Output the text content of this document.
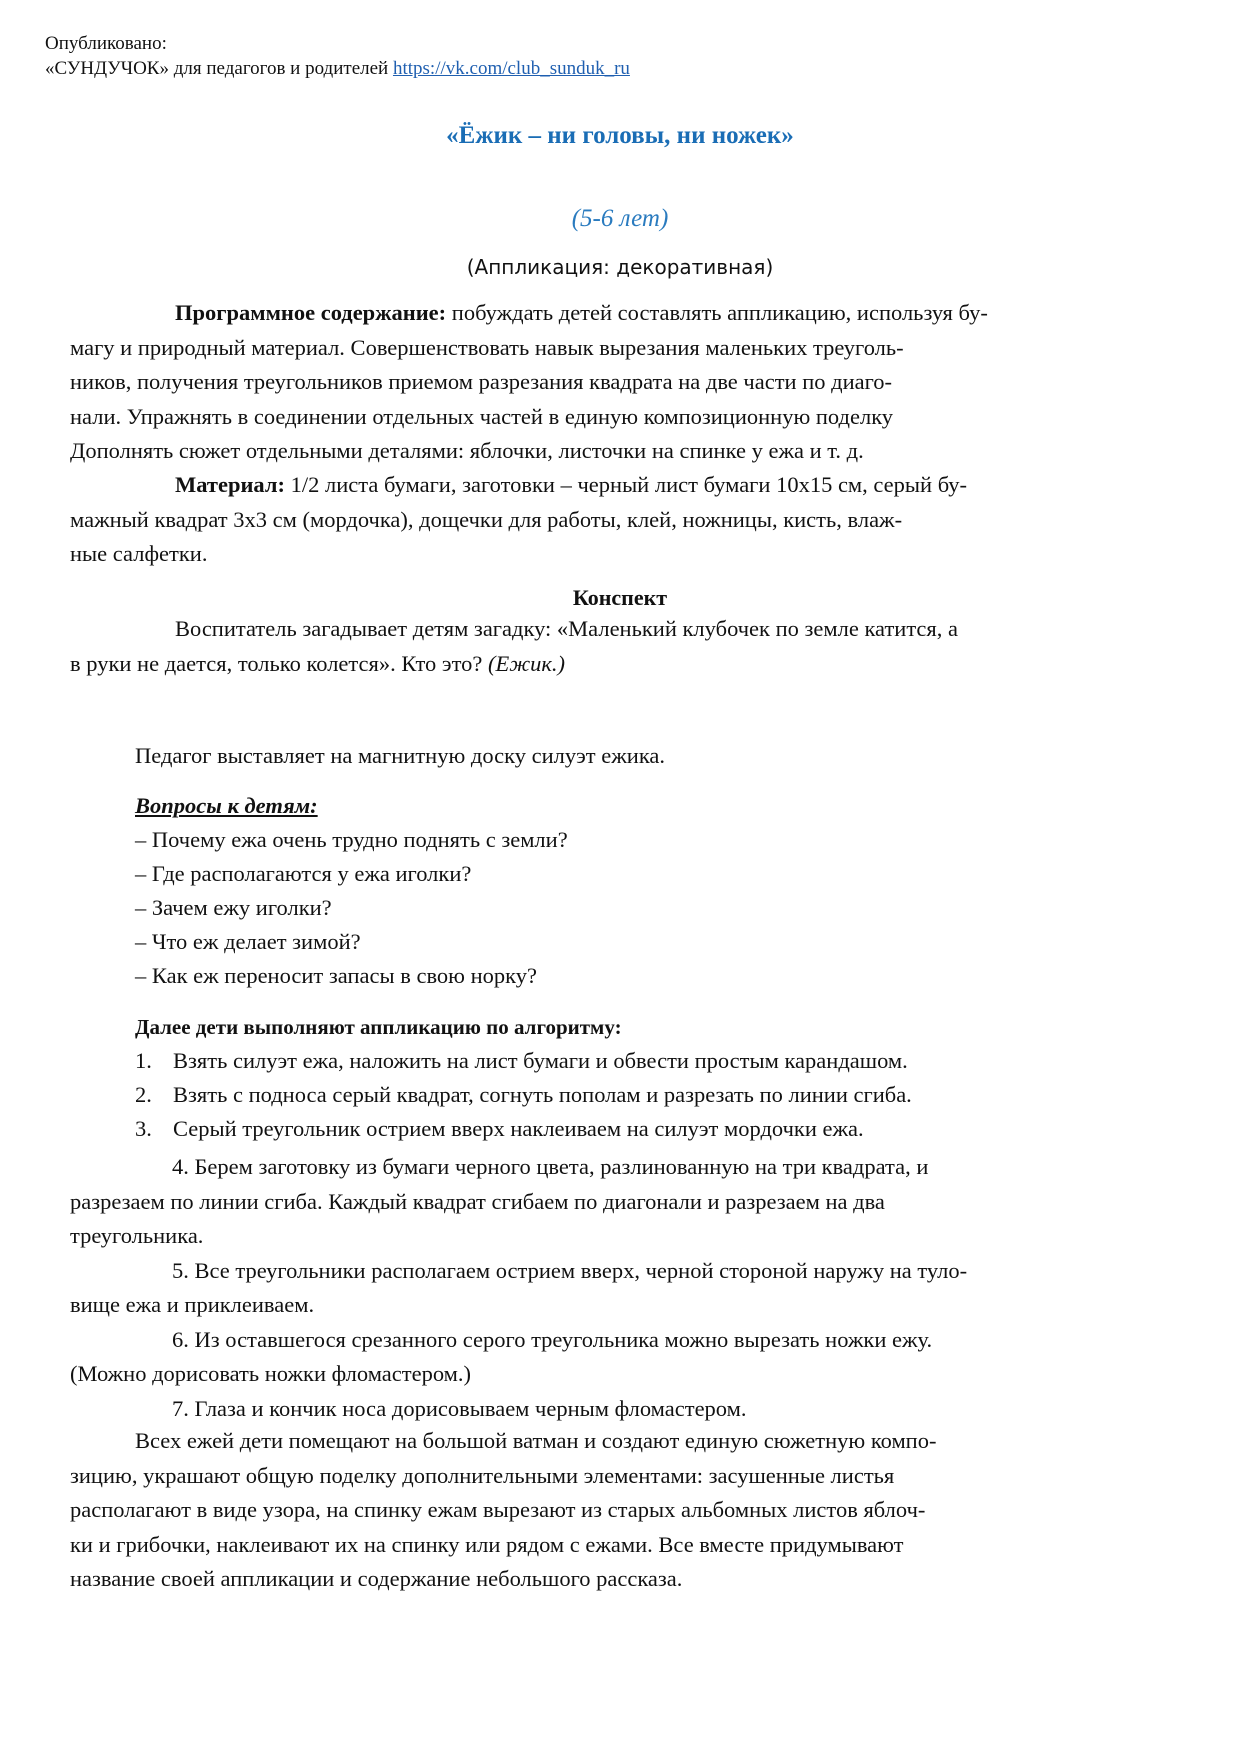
Опубликовано:
«СУНДУЧОК» для педагогов и родителей https://vk.com/club_sunduk_ru
«Ёжик – ни головы, ни ножек»
(5-6 лет)
(Аппликация: декоративная)
Программное содержание: побуждать детей составлять аппликацию, используя бу-
магу и природный материал. Совершенствовать навык вырезания маленьких треуголь-
ников, получения треугольников приемом разрезания квадрата на две части по диаго-
нали. Упражнять в соединении отдельных частей в единую композиционную поделку
Дополнять сюжет отдельными деталями: яблочки, листочки на спинке у ежа и т. д.
Материал: 1/2 листа бумаги, заготовки – черный лист бумаги 10x15 см, серый бу-
мажный квадрат 3x3 см (мордочка), дощечки для работы, клей, ножницы, кисть, влаж-
ные салфетки.
Конспект
Воспитатель загадывает детям загадку: «Маленький клубочек по земле катится, а
в руки не дается, только колется». Кто это? (Ежик.)
Педагог выставляет на магнитную доску силуэт ежика.
Вопросы к детям:
– Почему ежа очень трудно поднять с земли?
– Где располагаются у ежа иголки?
– Зачем ежу иголки?
– Что еж делает зимой?
– Как еж переносит запасы в свою норку?
Далее дети выполняют аппликацию по алгоритму:
1. Взять силуэт ежа, наложить на лист бумаги и обвести простым карандашом.
2. Взять с подноса серый квадрат, согнуть пополам и разрезать по линии сгиба.
3. Серый треугольник острием вверх наклеиваем на силуэт мордочки ежа.
4. Берем заготовку из бумаги черного цвета, разлинованную на три квадрата, и
разрезаем по линии сгиба. Каждый квадрат сгибаем по диагонали и разрезаем на два
треугольника.
5. Все треугольники располагаем острием вверх, черной стороной наружу на туло-
вище ежа и приклеиваем.
6. Из оставшегося срезанного серого треугольника можно вырезать ножки ежу.
(Можно дорисовать ножки фломастером.)
7. Глаза и кончик носа дорисовываем черным фломастером.
Всех ежей дети помещают на большой ватман и создают единую сюжетную компо-
зицию, украшают общую поделку дополнительными элементами: засушенные листья
располагают в виде узора, на спинку ежам вырезают из старых альбомных листов яблоч-
ки и грибочки, наклеивают их на спинку или рядом с ежами. Все вместе придумывают
название своей аппликации и содержание небольшого рассказа.
